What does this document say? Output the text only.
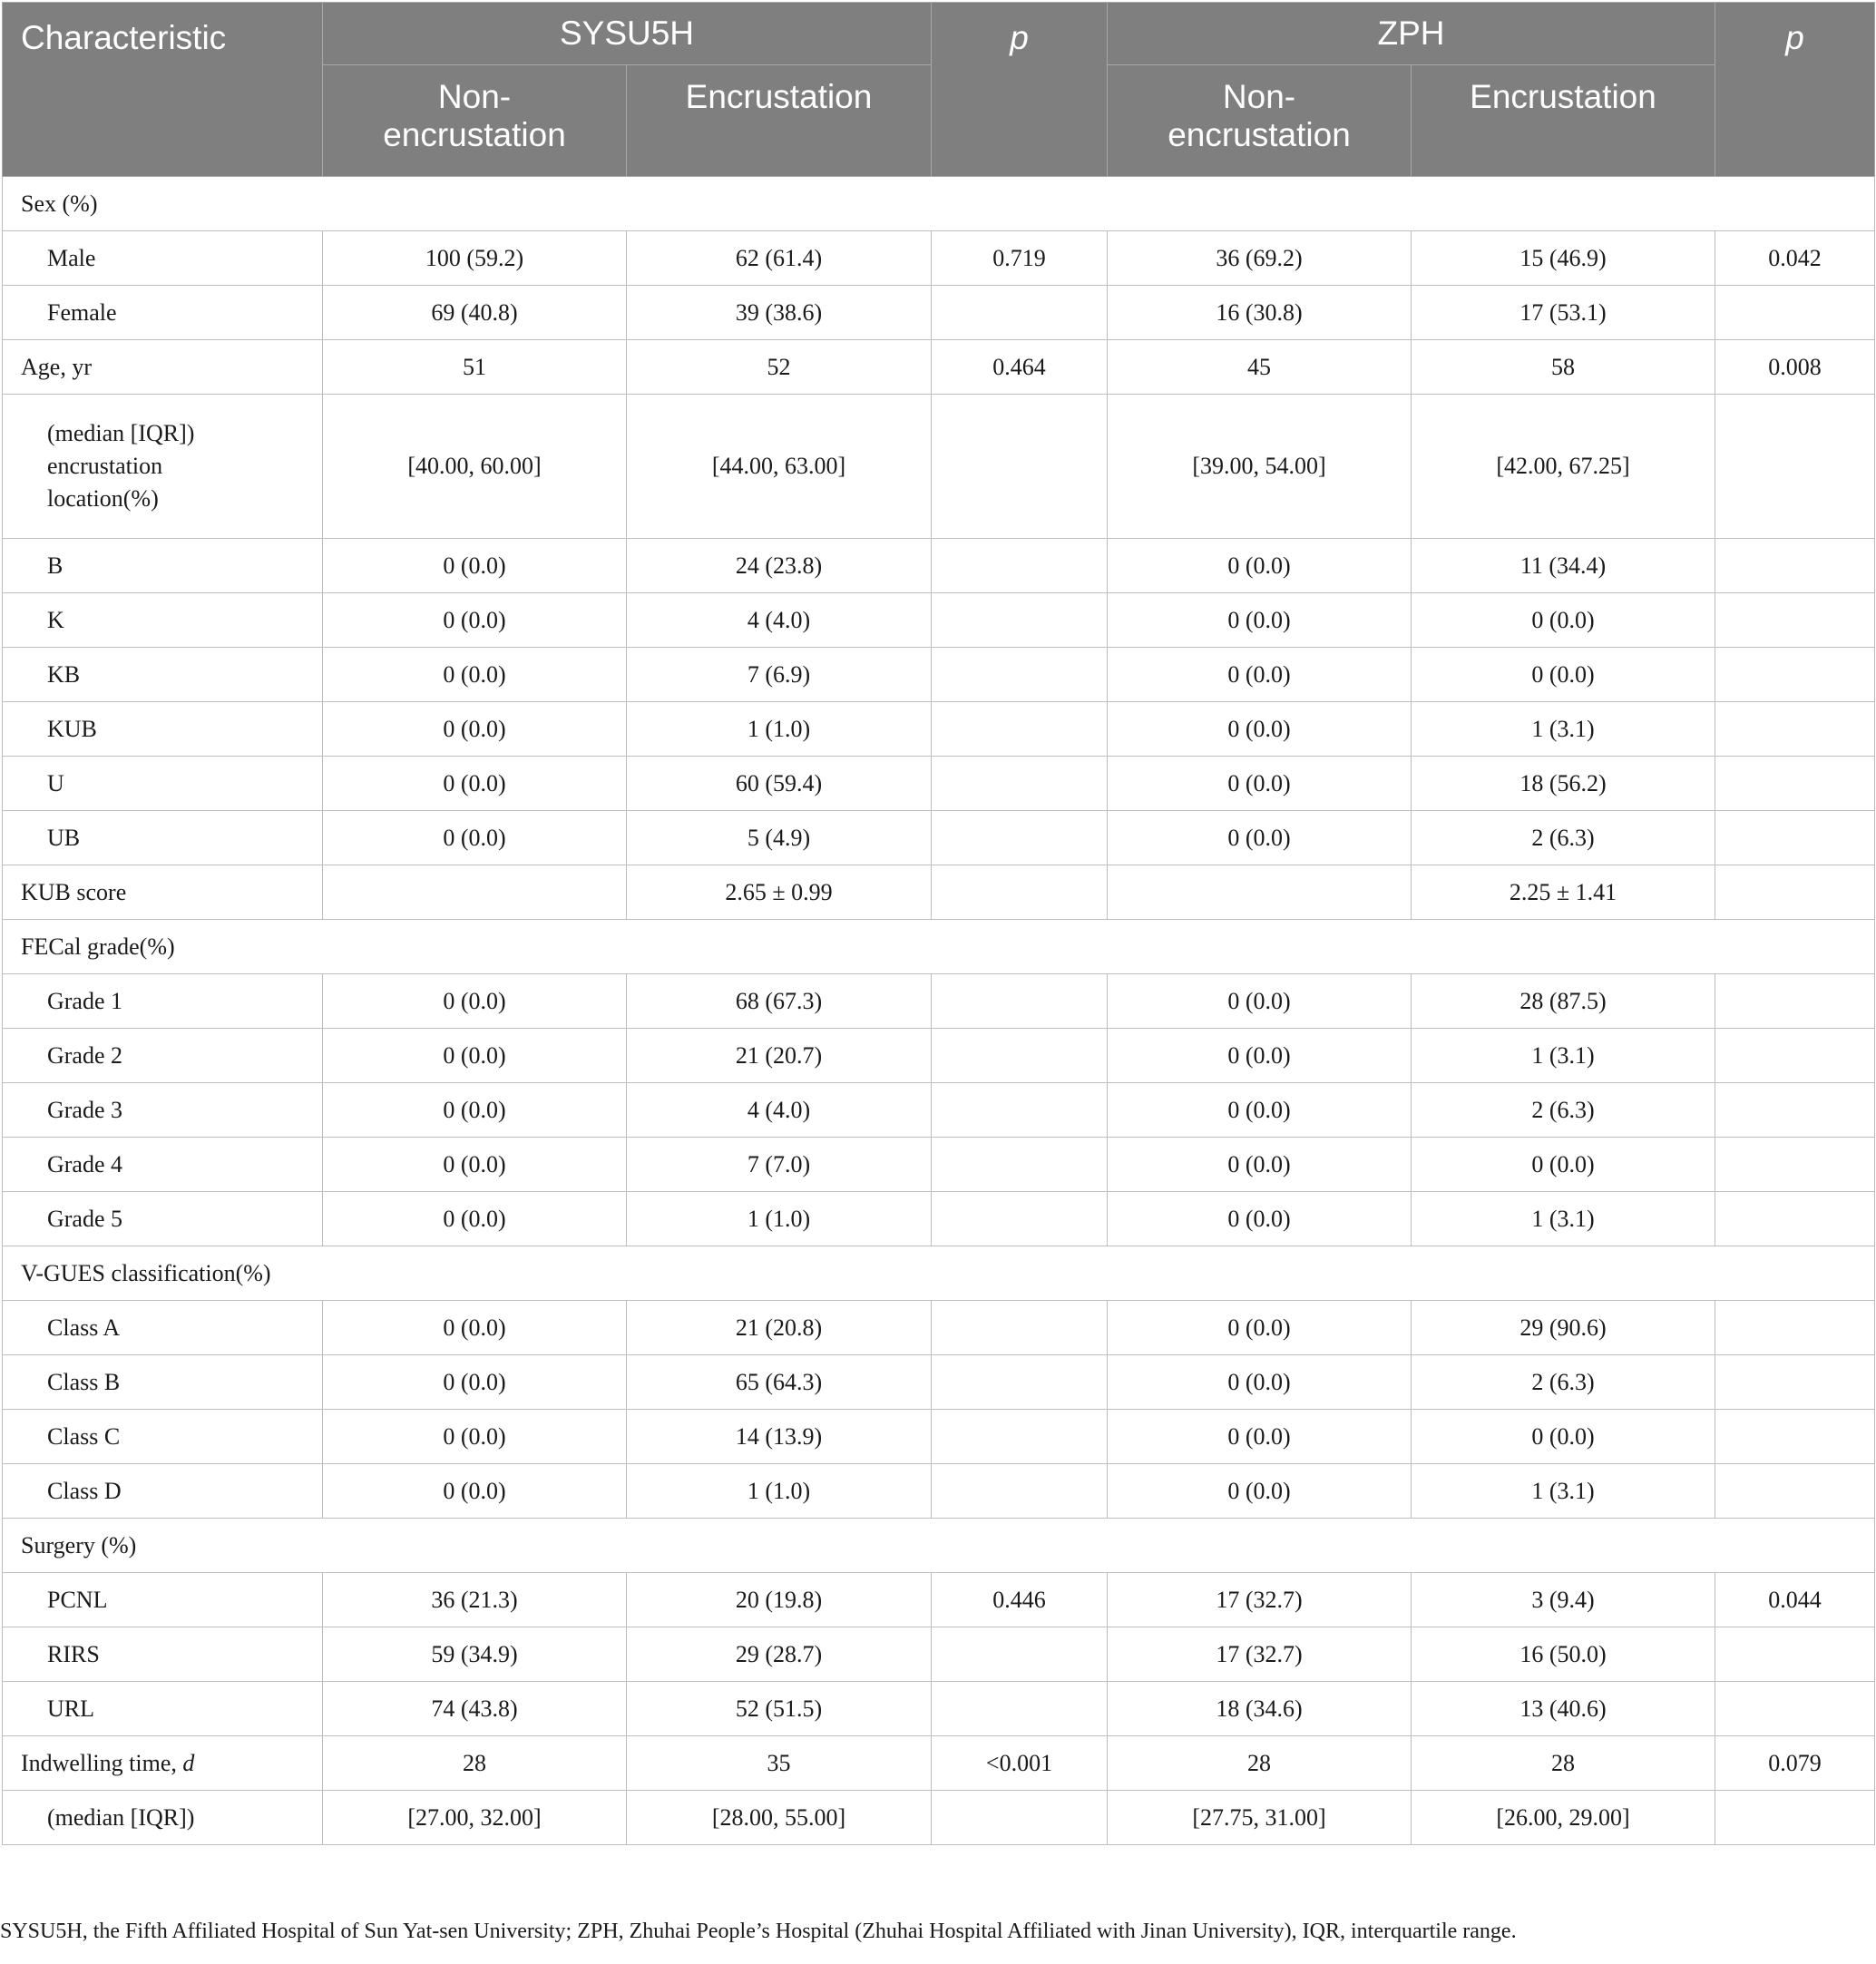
Characteristic	SYSU5H		p	ZPH		p
	Non-
encrustation	Encrustation		Non-
encrustation	Encrustation	
Sex (%)						
Male	100 (59.2)	62 (61.4)	0.719	36 (69.2)	15 (46.9)	0.042
Female	69 (40.8)	39 (38.6)		16 (30.8)	17 (53.1)	
Age, yr	51	52	0.464	45	58	0.008
(median [IQR])
encrustation
location(%)	[40.00, 60.00]	[44.00, 63.00]		[39.00, 54.00]	[42.00, 67.25]	
B	0 (0.0)	24 (23.8)		0 (0.0)	11 (34.4)	
K	0 (0.0)	4 (4.0)		0 (0.0)	0 (0.0)	
KB	0 (0.0)	7 (6.9)		0 (0.0)	0 (0.0)	
KUB	0 (0.0)	1 (1.0)		0 (0.0)	1 (3.1)	
U	0 (0.0)	60 (59.4)		0 (0.0)	18 (56.2)	
UB	0 (0.0)	5 (4.9)		0 (0.0)	2 (6.3)	
KUB score		2.65 ± 0.99			2.25 ± 1.41	
FECal grade(%)						
Grade 1	0 (0.0)	68 (67.3)		0 (0.0)	28 (87.5)	
Grade 2	0 (0.0)	21 (20.7)		0 (0.0)	1 (3.1)	
Grade 3	0 (0.0)	4 (4.0)		0 (0.0)	2 (6.3)	
Grade 4	0 (0.0)	7 (7.0)		0 (0.0)	0 (0.0)	
Grade 5	0 (0.0)	1 (1.0)		0 (0.0)	1 (3.1)	
V-GUES classification(%)						
Class A	0 (0.0)	21 (20.8)		0 (0.0)	29 (90.6)	
Class B	0 (0.0)	65 (64.3)		0 (0.0)	2 (6.3)	
Class C	0 (0.0)	14 (13.9)		0 (0.0)	0 (0.0)	
Class D	0 (0.0)	1 (1.0)		0 (0.0)	1 (3.1)	
Surgery (%)						
PCNL	36 (21.3)	20 (19.8)	0.446	17 (32.7)	3 (9.4)	0.044
RIRS	59 (34.9)	29 (28.7)		17 (32.7)	16 (50.0)	
URL	74 (43.8)	52 (51.5)		18 (34.6)	13 (40.6)	
Indwelling time, d	28	35	<0.001	28	28	0.079
(median [IQR])	[27.00, 32.00]	[28.00, 55.00]		[27.75, 31.00]	[26.00, 29.00]	
SYSU5H, the Fifth Affiliated Hospital of Sun Yat-sen University; ZPH, Zhuhai People’s Hospital (Zhuhai Hospital Affiliated with Jinan University), IQR, interquartile range.
